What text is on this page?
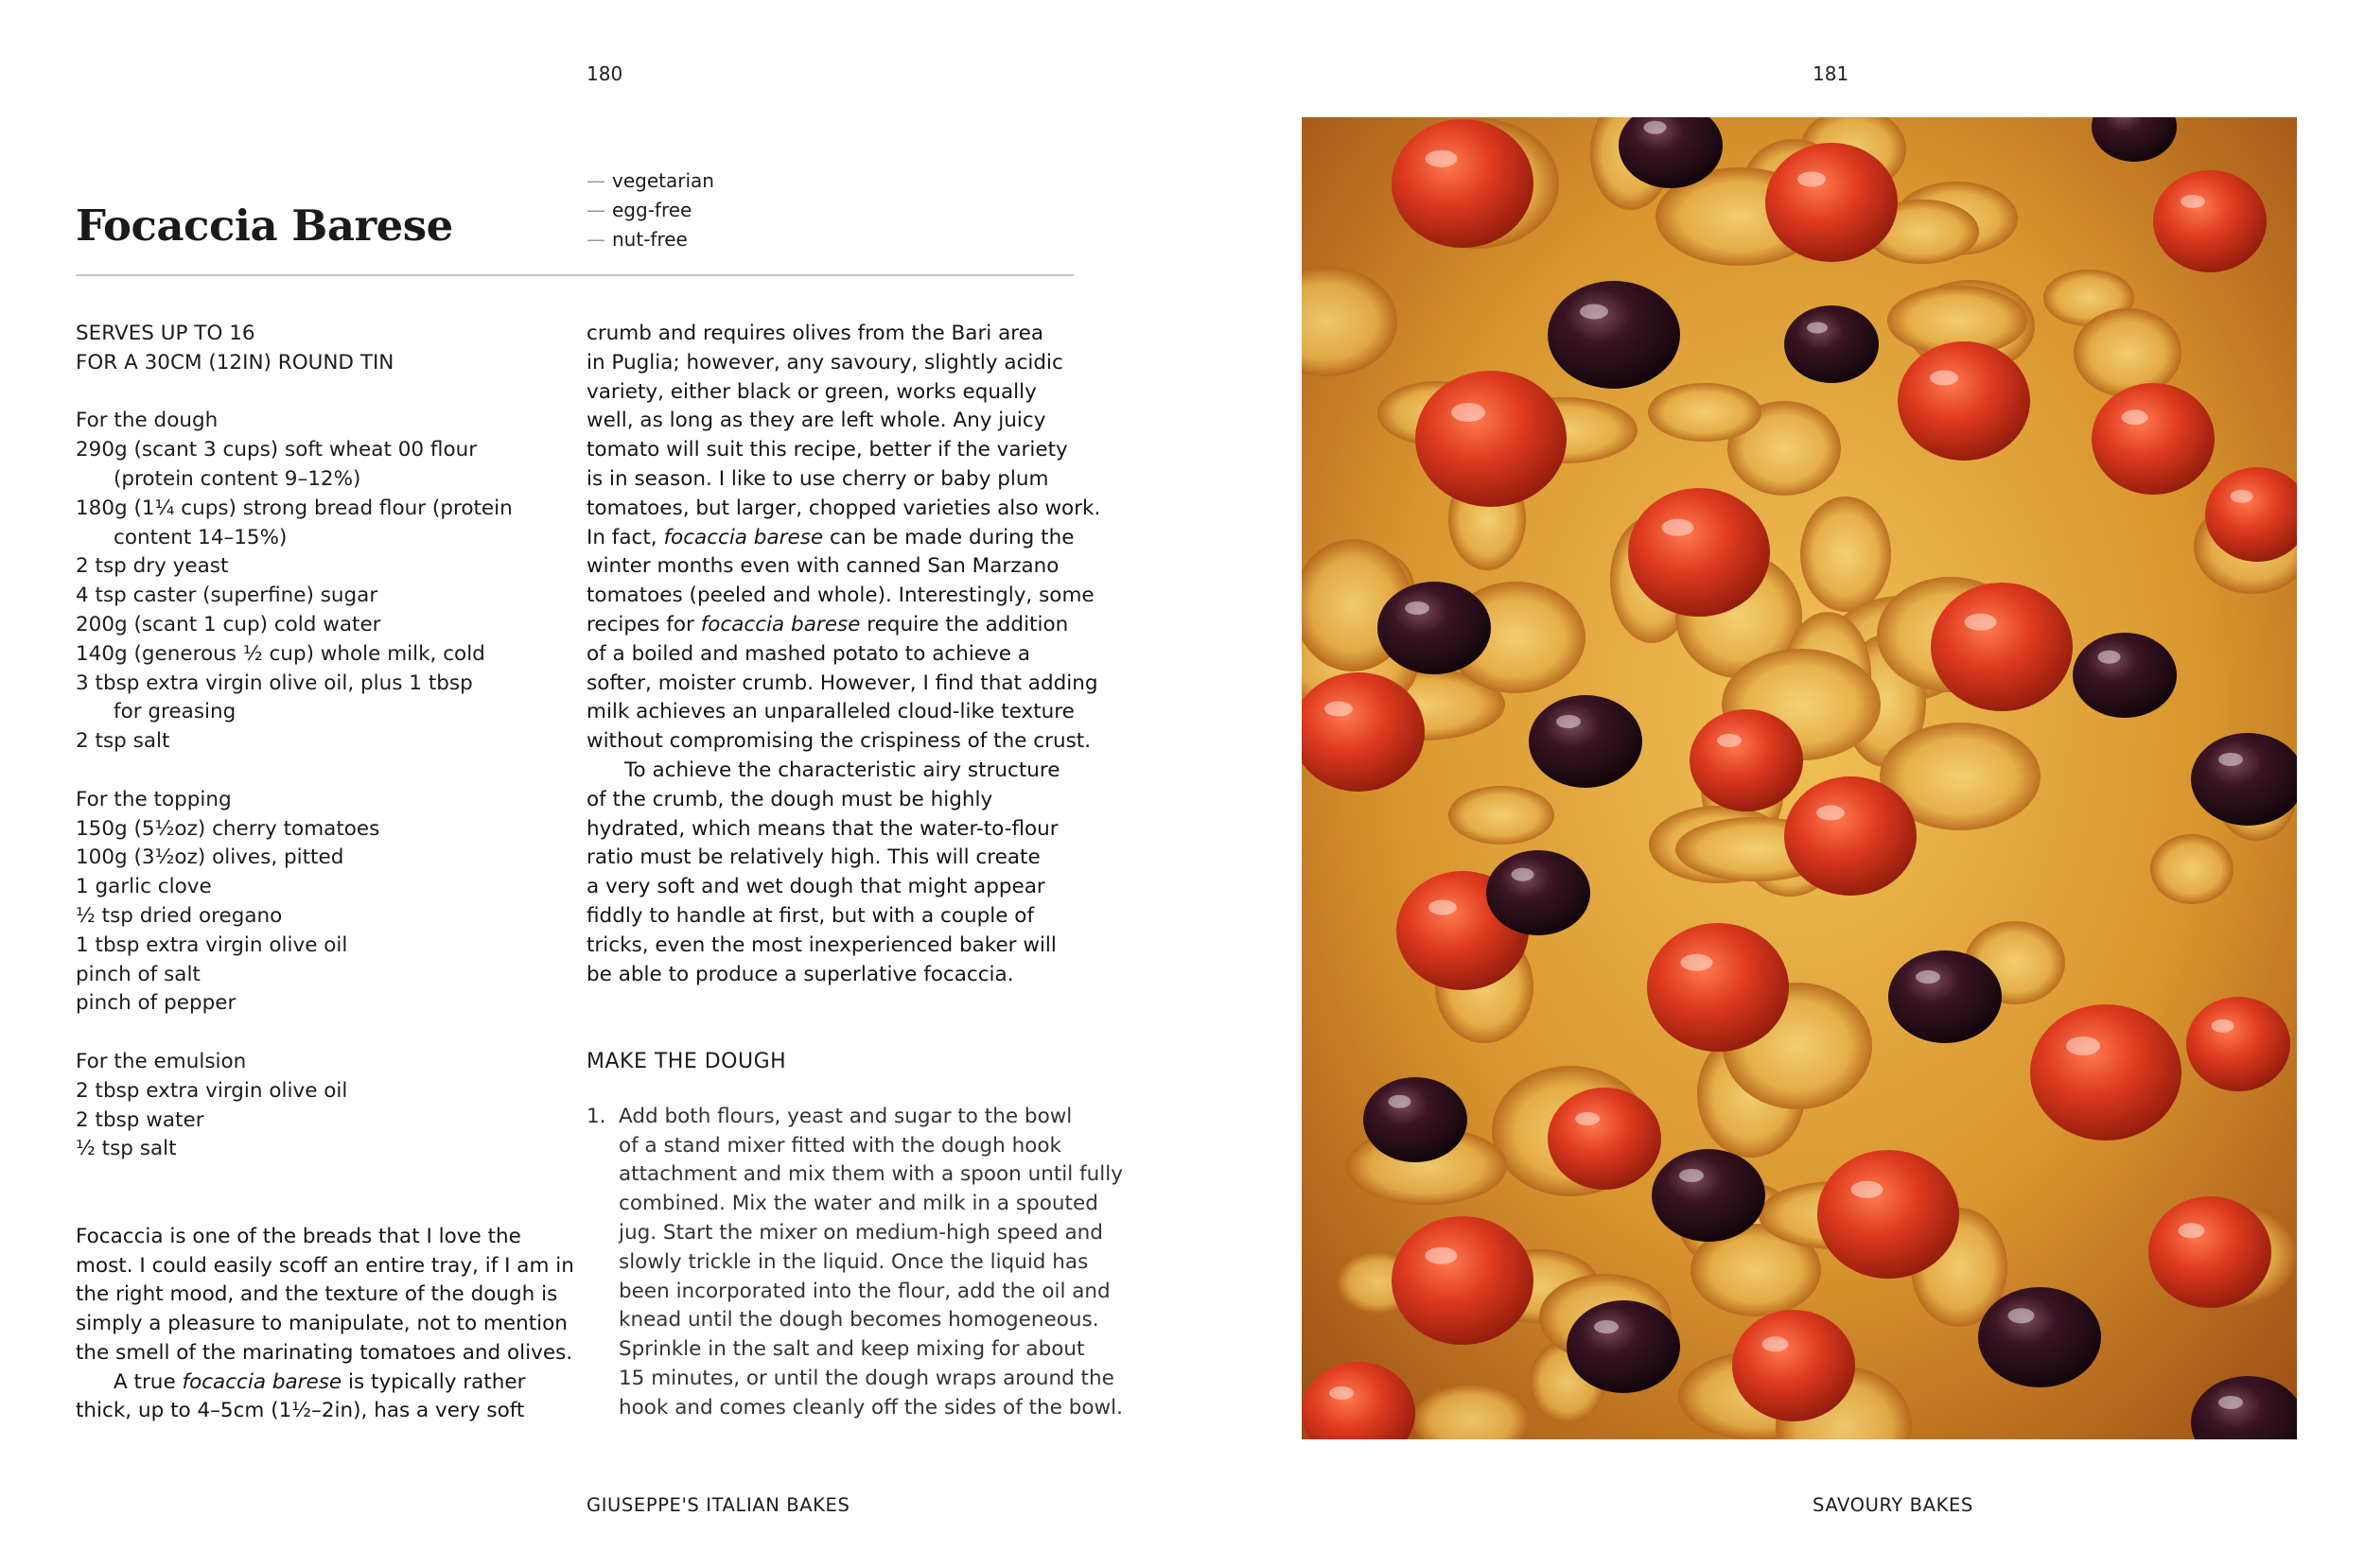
180	181
Focaccia Barese
— vegetarian
— egg-free
— nut-free
SERVES UP TO 16
FOR A 30CM (12IN) ROUND TIN
For the dough
290g (scant 3 cups) soft wheat 00 flour
(protein content 9–12%)
180g (1¼ cups) strong bread flour (protein
content 14–15%)
2 tsp dry yeast
4 tsp caster (superfine) sugar
200g (scant 1 cup) cold water
140g (generous ½ cup) whole milk, cold
3 tbsp extra virgin olive oil, plus 1 tbsp
for greasing
2 tsp salt
For the topping
150g (5½oz) cherry tomatoes
100g (3½oz) olives, pitted
1 garlic clove
½ tsp dried oregano
1 tbsp extra virgin olive oil
pinch of salt
pinch of pepper
For the emulsion
2 tbsp extra virgin olive oil
2 tbsp water
½ tsp salt
Focaccia is one of the breads that I love the
most. I could easily scoff an entire tray, if I am in
the right mood, and the texture of the dough is
simply a pleasure to manipulate, not to mention
the smell of the marinating tomatoes and olives.
A true focaccia barese is typically rather
thick, up to 4–5cm (1½–2in), has a very soft
crumb and requires olives from the Bari area
in Puglia; however, any savoury, slightly acidic
variety, either black or green, works equally
well, as long as they are left whole. Any juicy
tomato will suit this recipe, better if the variety
is in season. I like to use cherry or baby plum
tomatoes, but larger, chopped varieties also work.
In fact, focaccia barese can be made during the
winter months even with canned San Marzano
tomatoes (peeled and whole). Interestingly, some
recipes for focaccia barese require the addition
of a boiled and mashed potato to achieve a
softer, moister crumb. However, I find that adding
milk achieves an unparalleled cloud-like texture
without compromising the crispiness of the crust.
To achieve the characteristic airy structure
of the crumb, the dough must be highly
hydrated, which means that the water-to-flour
ratio must be relatively high. This will create
a very soft and wet dough that might appear
fiddly to handle at first, but with a couple of
tricks, even the most inexperienced baker will
be able to produce a superlative focaccia.
MAKE THE DOUGH
1. Add both flours, yeast and sugar to the bowl
of a stand mixer fitted with the dough hook
attachment and mix them with a spoon until fully
combined. Mix the water and milk in a spouted
jug. Start the mixer on medium-high speed and
slowly trickle in the liquid. Once the liquid has
been incorporated into the flour, add the oil and
knead until the dough becomes homogeneous.
Sprinkle in the salt and keep mixing for about
15 minutes, or until the dough wraps around the
hook and comes cleanly off the sides of the bowl.
GIUSEPPE'S ITALIAN BAKES	SAVOURY BAKES
